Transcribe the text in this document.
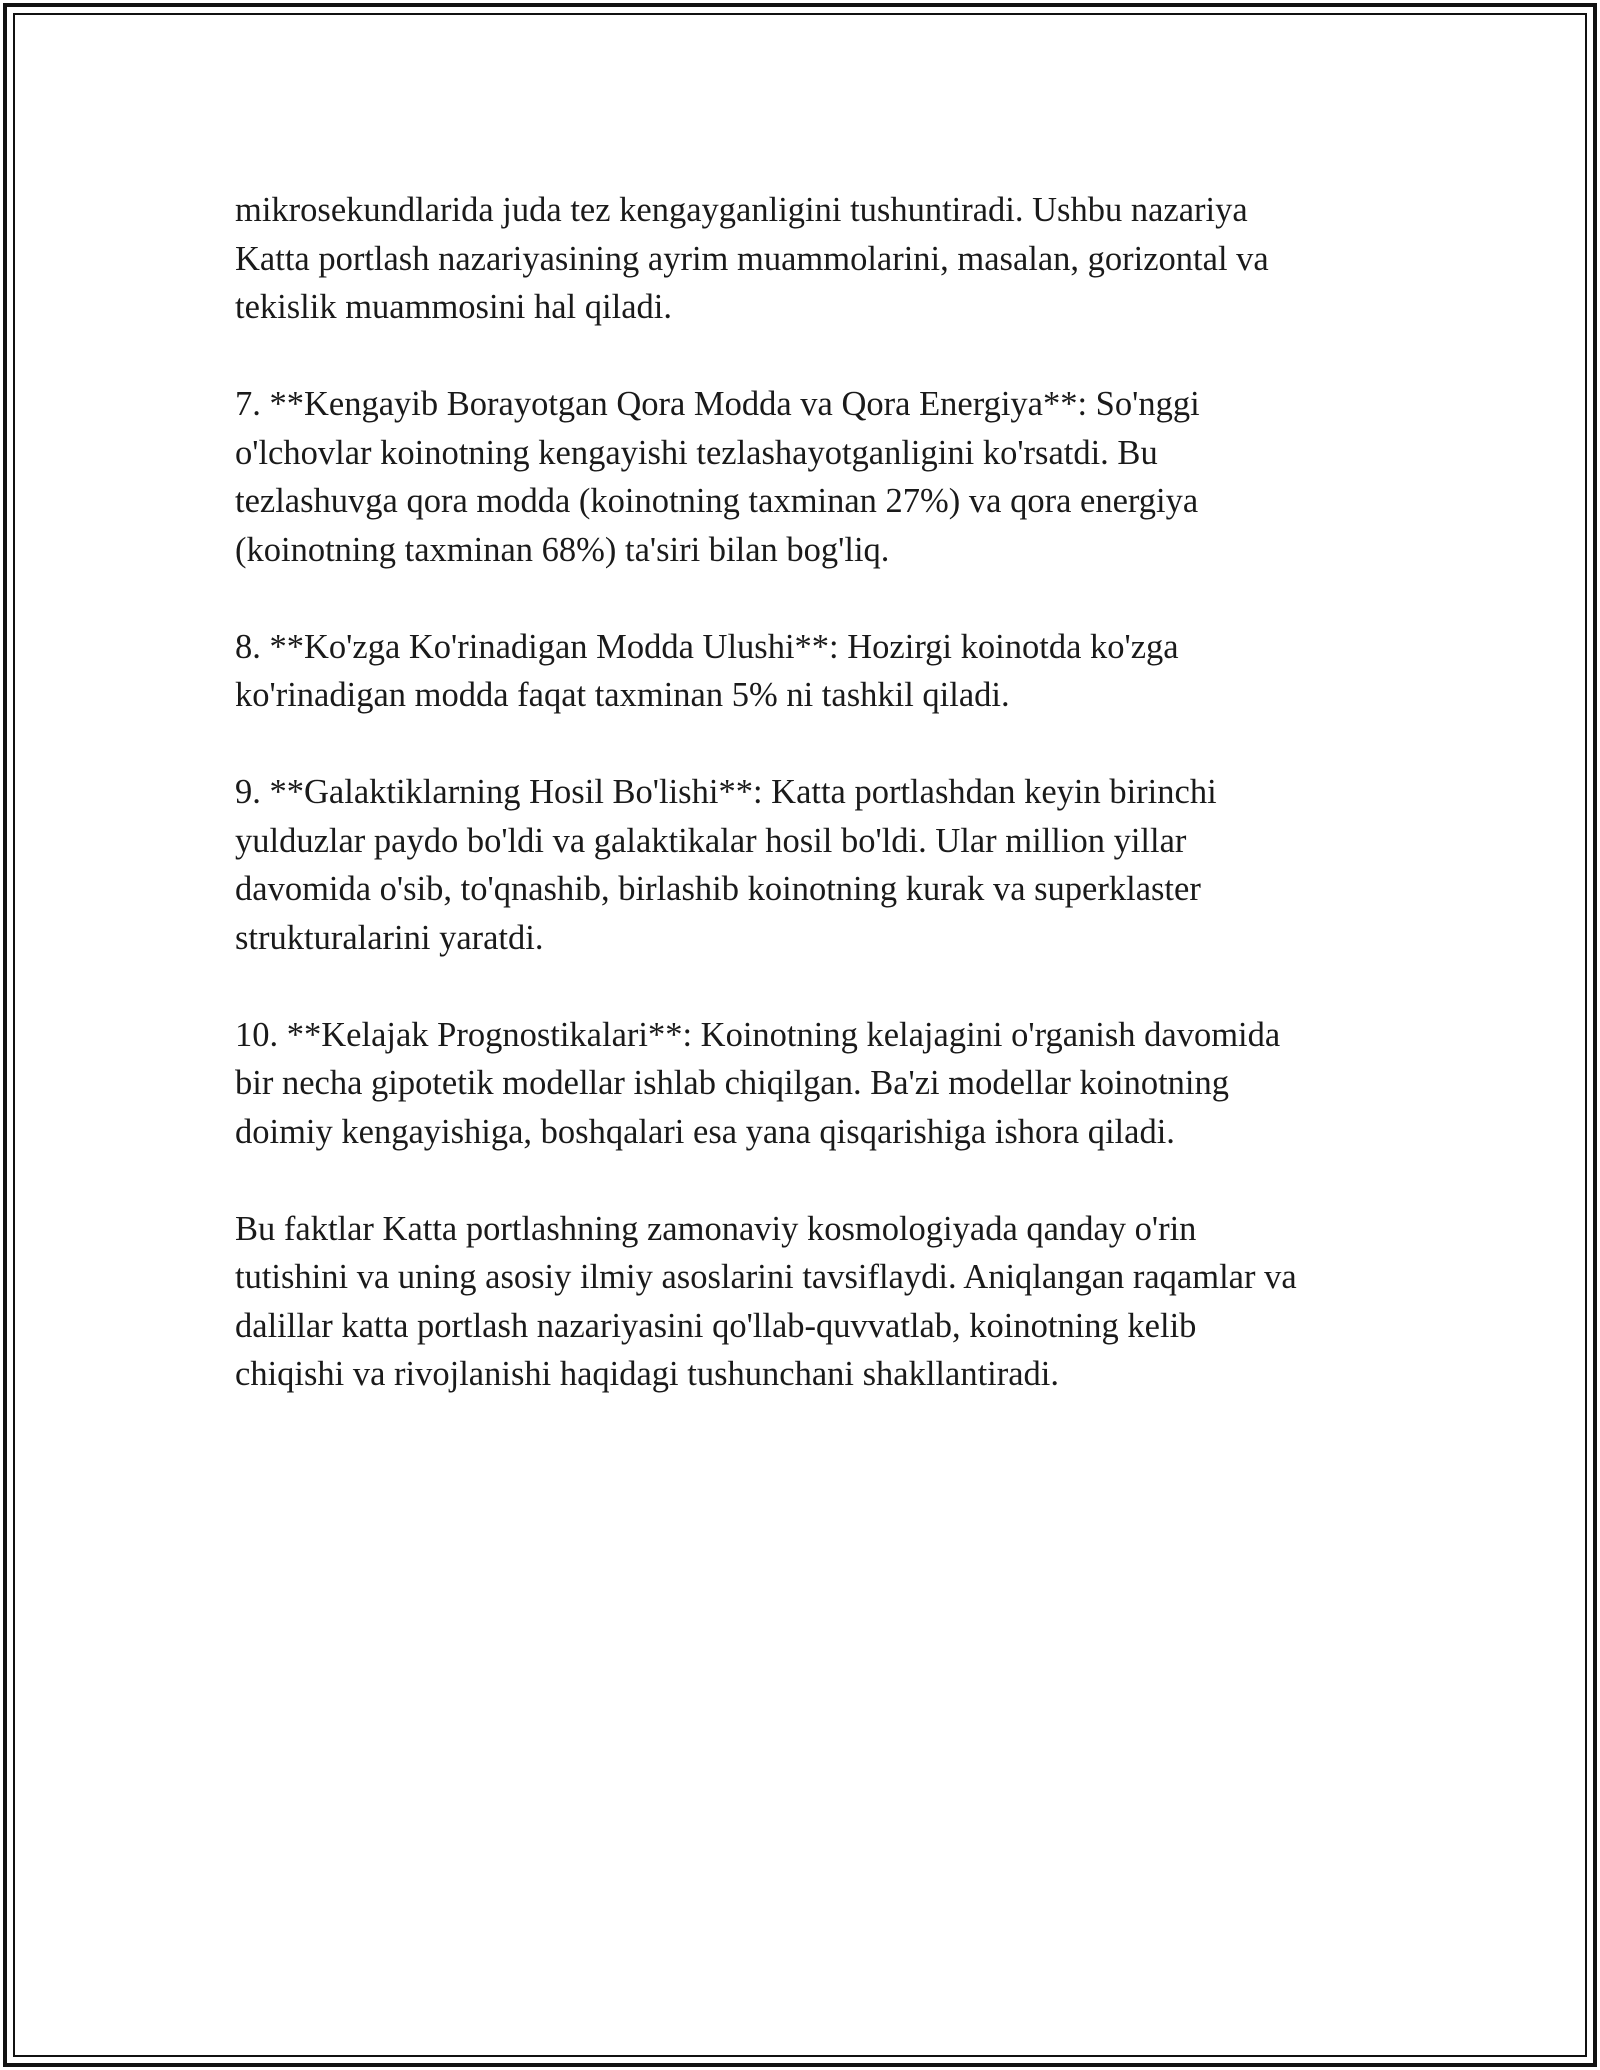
mikrosekundlarida juda tez kengayganligini tushuntiradi. Ushbu nazariya
Katta portlash nazariyasining ayrim muammolarini, masalan, gorizontal va
tekislik muammosini hal qiladi.

7. **Kengayib Borayotgan Qora Modda va Qora Energiya**: So'nggi
o'lchovlar koinotning kengayishi tezlashayotganligini ko'rsatdi. Bu
tezlashuvga qora modda (koinotning taxminan 27%) va qora energiya
(koinotning taxminan 68%) ta'siri bilan bog'liq.

8. **Ko'zga Ko'rinadigan Modda Ulushi**: Hozirgi koinotda ko'zga
ko'rinadigan modda faqat taxminan 5% ni tashkil qiladi.

9. **Galaktiklarning Hosil Bo'lishi**: Katta portlashdan keyin birinchi
yulduzlar paydo bo'ldi va galaktikalar hosil bo'ldi. Ular million yillar
davomida o'sib, to'qnashib, birlashib koinotning kurak va superklaster
strukturalarini yaratdi.

10. **Kelajak Prognostikalari**: Koinotning kelajagini o'rganish davomida
bir necha gipotetik modellar ishlab chiqilgan. Ba'zi modellar koinotning
doimiy kengayishiga, boshqalari esa yana qisqarishiga ishora qiladi.

Bu faktlar Katta portlashning zamonaviy kosmologiyada qanday o'rin
tutishini va uning asosiy ilmiy asoslarini tavsiflaydi. Aniqlangan raqamlar va
dalillar katta portlash nazariyasini qo'llab-quvvatlab, koinotning kelib
chiqishi va rivojlanishi haqidagi tushunchani shakllantiradi.
